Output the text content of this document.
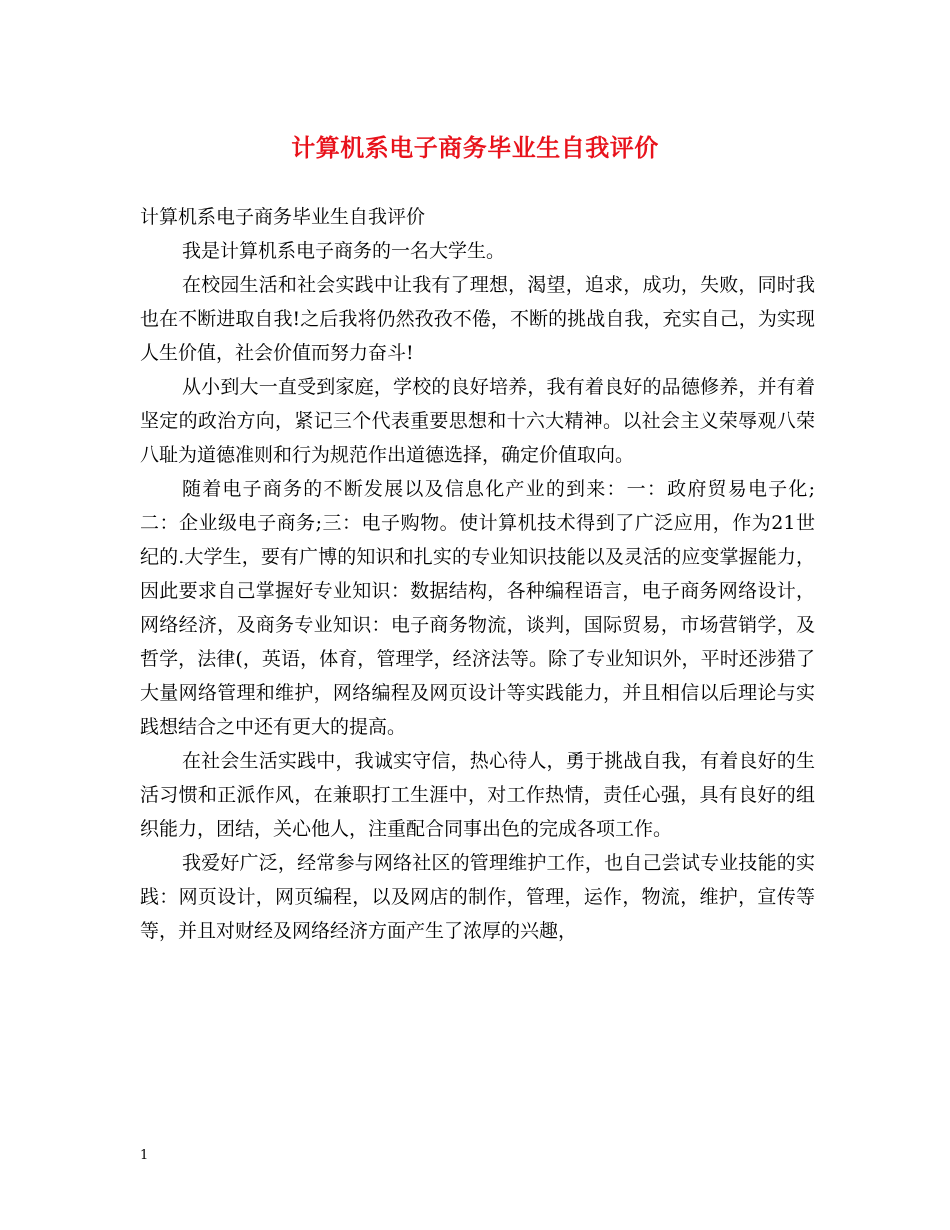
计算机系电子商务毕业生自我评价

计算机系电子商务毕业生自我评价

我是计算机系电子商务的一名大学生。

在校园生活和社会实践中让我有了理想，渴望，追求，成功，失败，同时我也在不断进取自我!之后我将仍然孜孜不倦，不断的挑战自我，充实自己，为实现人生价值，社会价值而努力奋斗!

从小到大一直受到家庭，学校的良好培养，我有着良好的品德修养，并有着坚定的政治方向，紧记三个代表重要思想和十六大精神。以社会主义荣辱观八荣八耻为道德准则和行为规范作出道德选择，确定价值取向。

随着电子商务的不断发展以及信息化产业的到来：一：政府贸易电子化;二：企业级电子商务;三：电子购物。使计算机技术得到了广泛应用，作为21世纪的.大学生，要有广博的知识和扎实的专业知识技能以及灵活的应变掌握能力，因此要求自己掌握好专业知识：数据结构，各种编程语言，电子商务网络设计，网络经济，及商务专业知识：电子商务物流，谈判，国际贸易，市场营销学，及哲学，法律(，英语，体育，管理学，经济法等。除了专业知识外，平时还涉猎了大量网络管理和维护，网络编程及网页设计等实践能力，并且相信以后理论与实践想结合之中还有更大的提高。

在社会生活实践中，我诚实守信，热心待人，勇于挑战自我，有着良好的生活习惯和正派作风，在兼职打工生涯中，对工作热情，责任心强，具有良好的组织能力，团结，关心他人，注重配合同事出色的完成各项工作。

我爱好广泛，经常参与网络社区的管理维护工作，也自己尝试专业技能的实践：网页设计，网页编程，以及网店的制作，管理，运作，物流，维护，宣传等等，并且对财经及网络经济方面产生了浓厚的兴趣，

1
